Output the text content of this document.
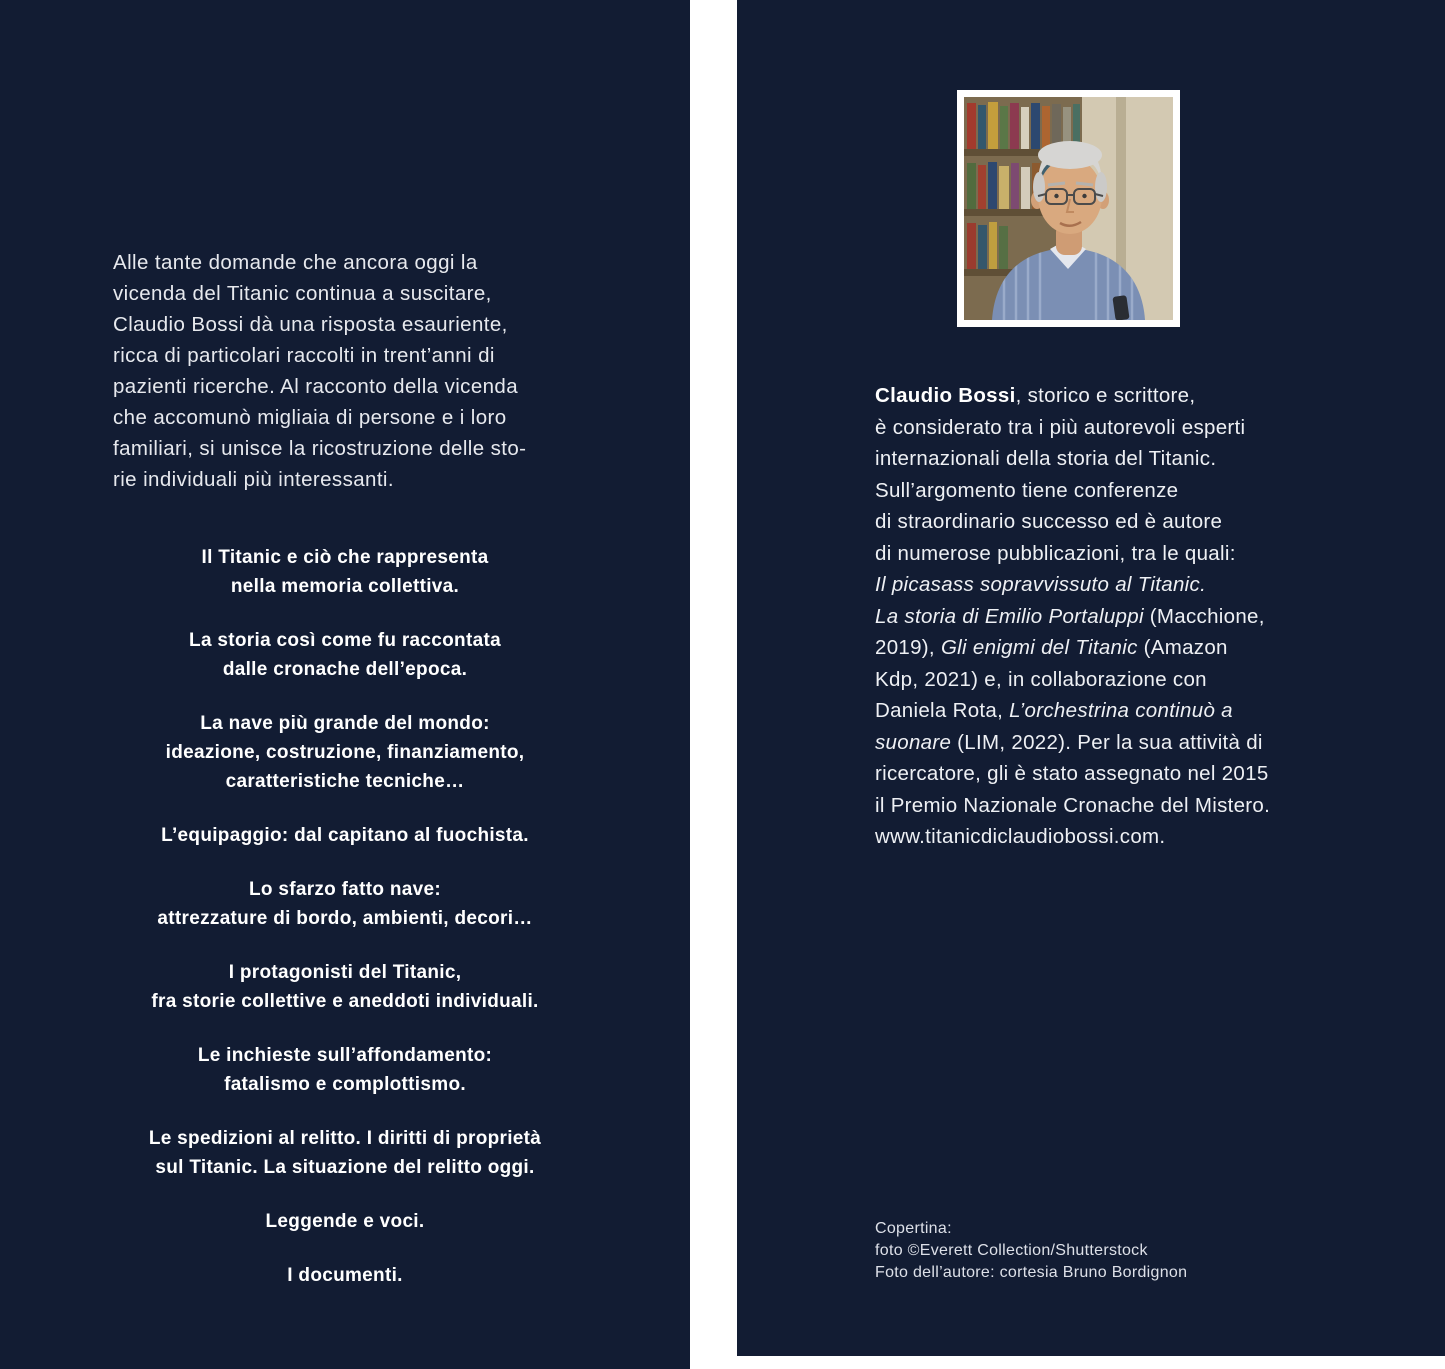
Alle tante domande che ancora oggi la
vicenda del Titanic continua a suscitare,
Claudio Bossi dà una risposta esauriente,
ricca di particolari raccolti in trent’anni di
pazienti ricerche. Al racconto della vicenda
che accomunò migliaia di persone e i loro
familiari, si unisce la ricostruzione delle sto-
rie individuali più interessanti.
Il Titanic e ciò che rappresenta
nella memoria collettiva.
La storia così come fu raccontata
dalle cronache dell’epoca.
La nave più grande del mondo:
ideazione, costruzione, finanziamento,
caratteristiche tecniche…
L’equipaggio: dal capitano al fuochista.
Lo sfarzo fatto nave:
attrezzature di bordo, ambienti, decori…
I protagonisti del Titanic,
fra storie collettive e aneddoti individuali.
Le inchieste sull’affondamento:
fatalismo e complottismo.
Le spedizioni al relitto. I diritti di proprietà
sul Titanic. La situazione del relitto oggi.
Leggende e voci.
I documenti.
Claudio Bossi, storico e scrittore,
è considerato tra i più autorevoli esperti
internazionali della storia del Titanic.
Sull’argomento tiene conferenze
di straordinario successo ed è autore
di numerose pubblicazioni, tra le quali:
Il picasass sopravvissuto al Titanic.
La storia di Emilio Portaluppi (Macchione,
2019), Gli enigmi del Titanic (Amazon
Kdp, 2021) e, in collaborazione con
Daniela Rota, L’orchestrina continuò a
suonare (LIM, 2022). Per la sua attività di
ricercatore, gli è stato assegnato nel 2015
il Premio Nazionale Cronache del Mistero.
www.titanicdiclaudiobossi.com.
Copertina:
foto ©Everett Collection/Shutterstock
Foto dell’autore: cortesia Bruno Bordignon
